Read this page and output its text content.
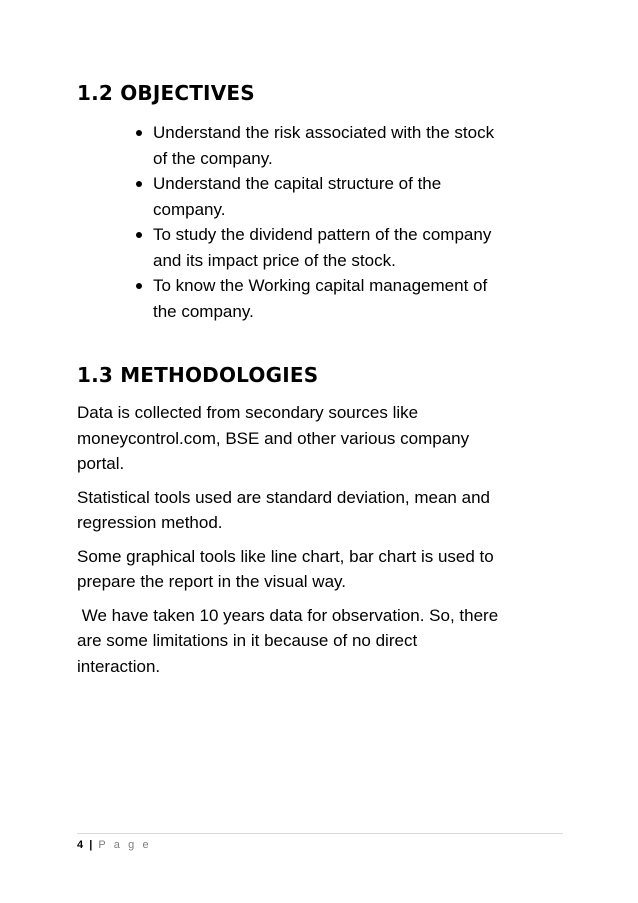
1.2 OBJECTIVES
Understand the risk associated with the stock
of the company.
Understand the capital structure of the
company.
To study the dividend pattern of the company
and its impact price of the stock.
To know the Working capital management of
the company.
1.3 METHODOLOGIES

Data is collected from secondary sources like
moneycontrol.com, BSE and other various company
portal.

Statistical tools used are standard deviation, mean and
regression method.

Some graphical tools like line chart, bar chart is used to
prepare the report in the visual way.

We have taken 10 years data for observation. So, there
are some limitations in it because of no direct
interaction.

4 | P a g e
